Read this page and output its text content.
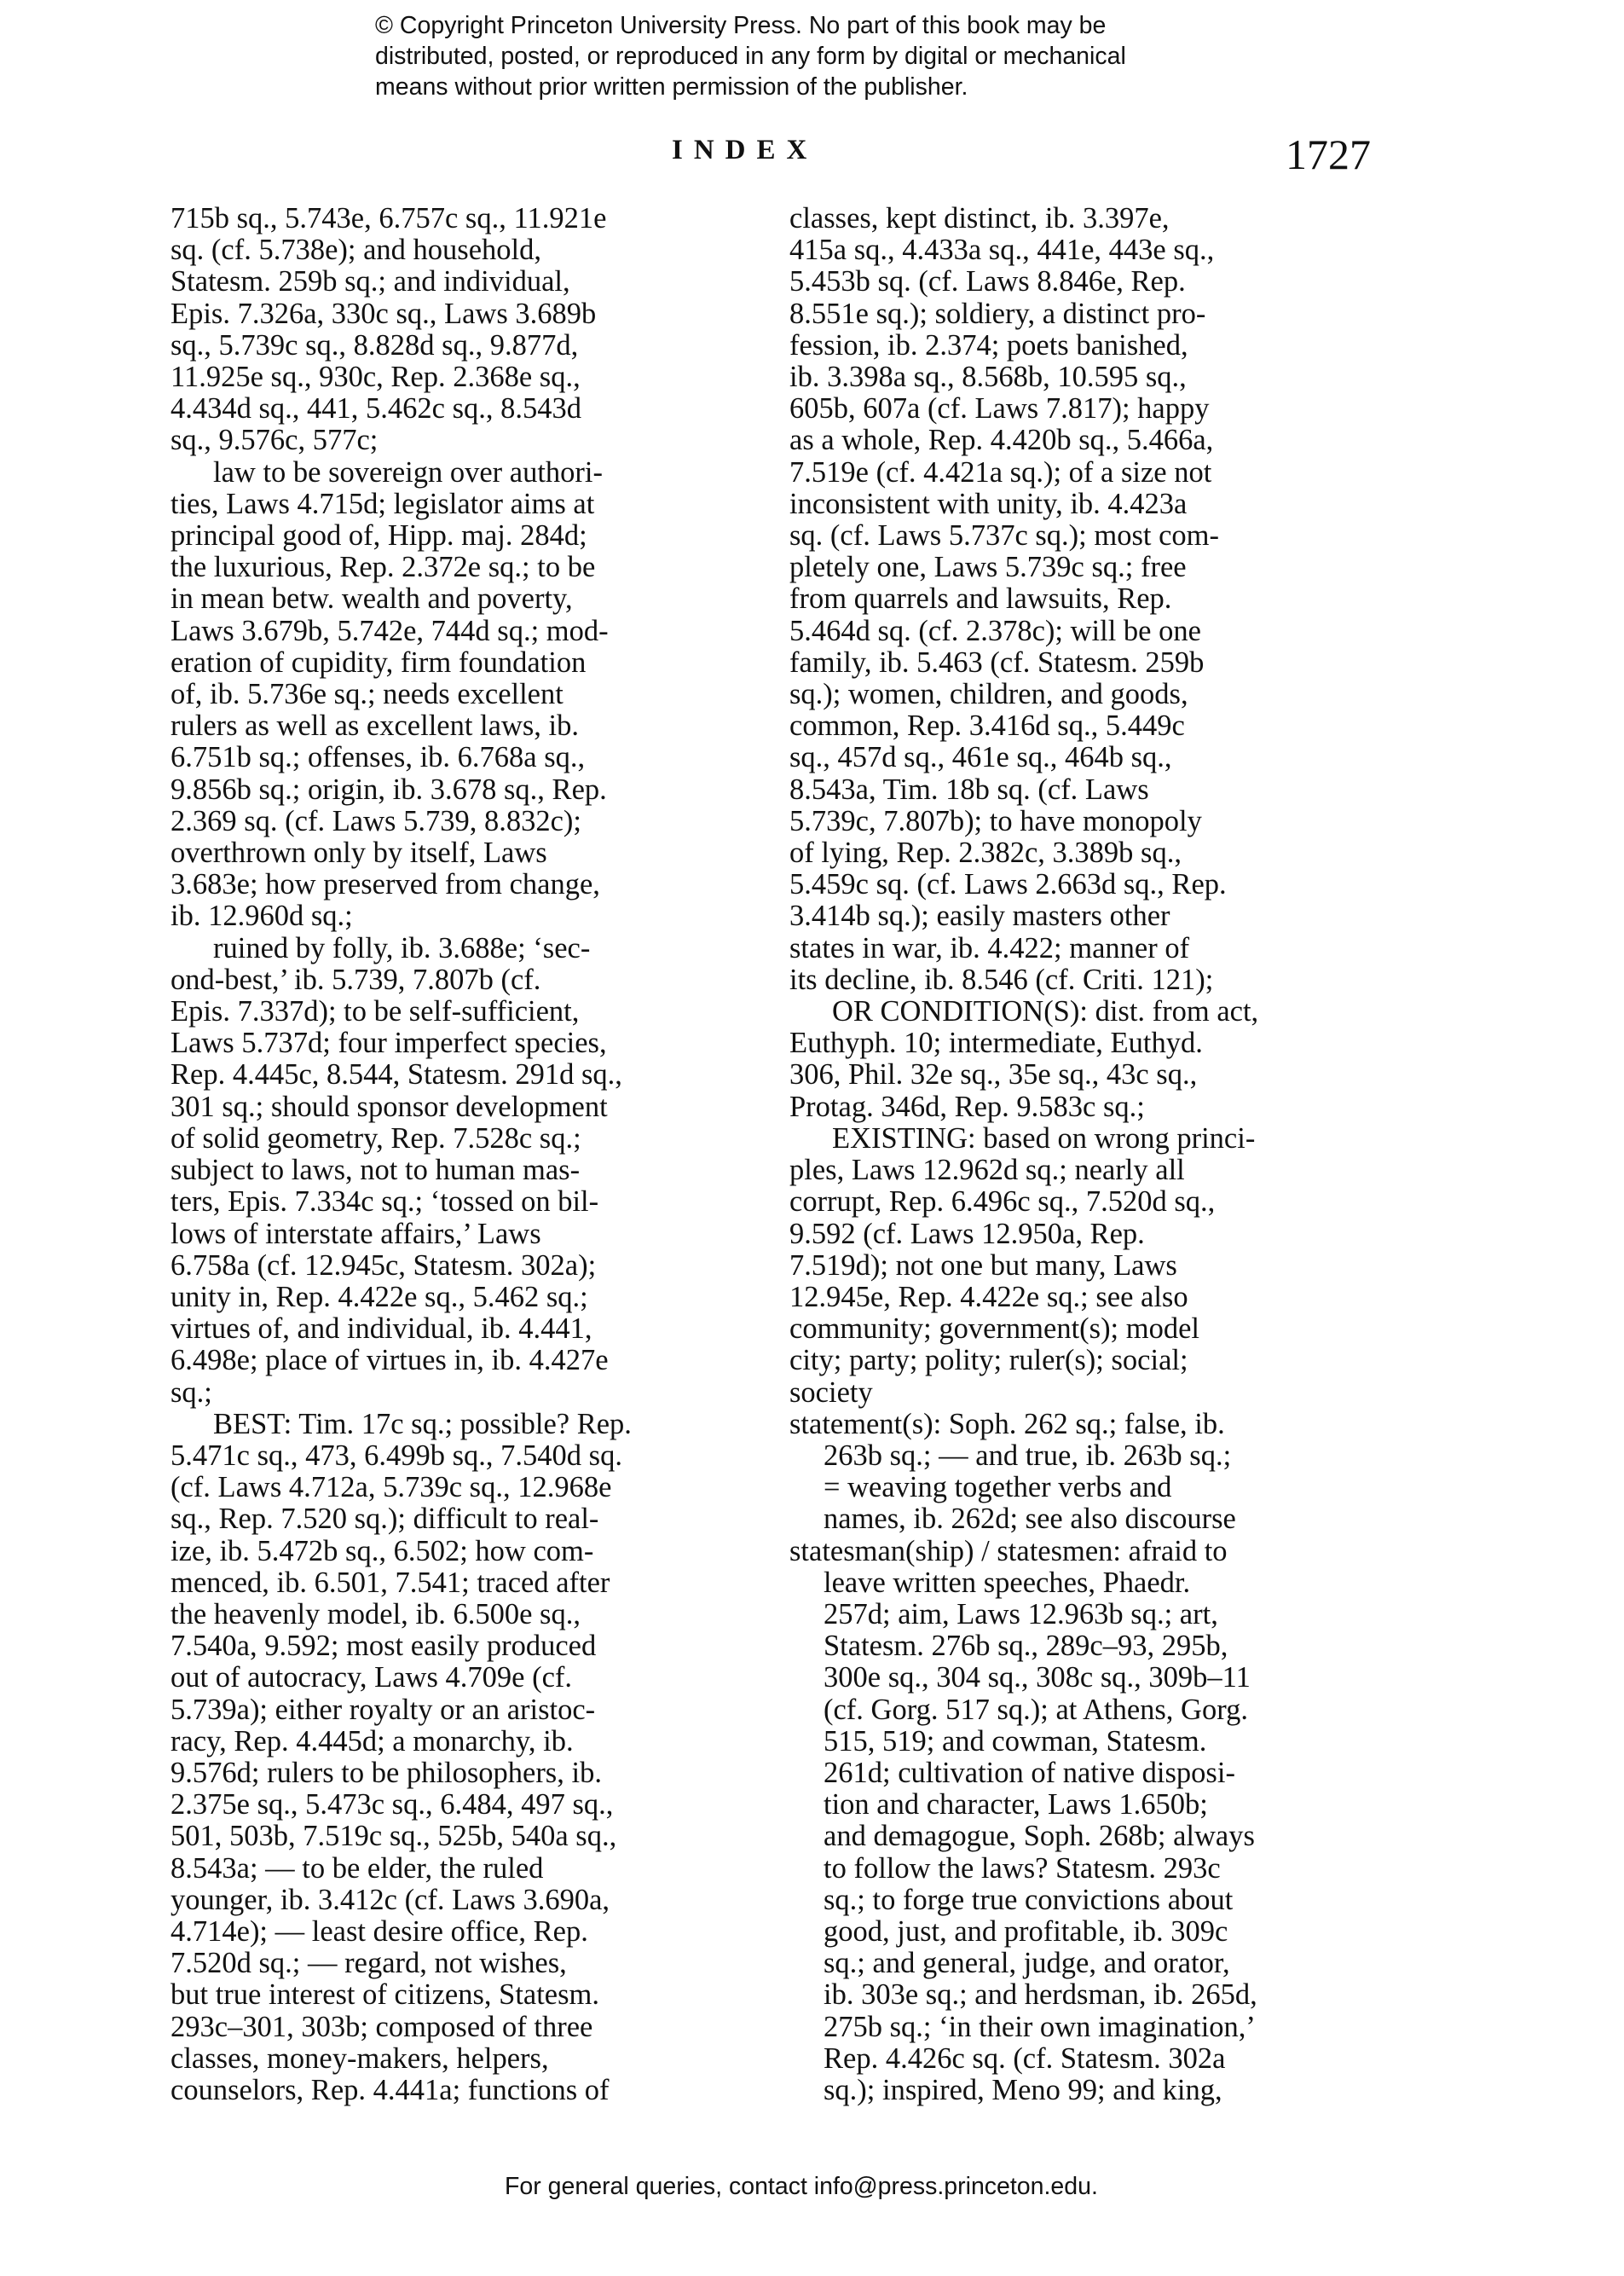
© Copyright Princeton University Press. No part of this book may be
distributed, posted, or reproduced in any form by digital or mechanical
means without prior written permission of the publisher.
INDEX	1727
715b sq., 5.743e, 6.757c sq., 11.921e
sq. (cf. 5.738e); and household,
Statesm. 259b sq.; and individual,
Epis. 7.326a, 330c sq., Laws 3.689b
sq., 5.739c sq., 8.828d sq., 9.877d,
11.925e sq., 930c, Rep. 2.368e sq.,
4.434d sq., 441, 5.462c sq., 8.543d
sq., 9.576c, 577c;
law to be sovereign over authori-
ties, Laws 4.715d; legislator aims at
principal good of, Hipp. maj. 284d;
the luxurious, Rep. 2.372e sq.; to be
in mean betw. wealth and poverty,
Laws 3.679b, 5.742e, 744d sq.; mod-
eration of cupidity, firm foundation
of, ib. 5.736e sq.; needs excellent
rulers as well as excellent laws, ib.
6.751b sq.; offenses, ib. 6.768a sq.,
9.856b sq.; origin, ib. 3.678 sq., Rep.
2.369 sq. (cf. Laws 5.739, 8.832c);
overthrown only by itself, Laws
3.683e; how preserved from change,
ib. 12.960d sq.;
ruined by folly, ib. 3.688e; ‘sec-
ond-best,’ ib. 5.739, 7.807b (cf.
Epis. 7.337d); to be self-sufficient,
Laws 5.737d; four imperfect species,
Rep. 4.445c, 8.544, Statesm. 291d sq.,
301 sq.; should sponsor development
of solid geometry, Rep. 7.528c sq.;
subject to laws, not to human mas-
ters, Epis. 7.334c sq.; ‘tossed on bil-
lows of interstate affairs,’ Laws
6.758a (cf. 12.945c, Statesm. 302a);
unity in, Rep. 4.422e sq., 5.462 sq.;
virtues of, and individual, ib. 4.441,
6.498e; place of virtues in, ib. 4.427e
sq.;
BEST: Tim. 17c sq.; possible? Rep.
5.471c sq., 473, 6.499b sq., 7.540d sq.
(cf. Laws 4.712a, 5.739c sq., 12.968e
sq., Rep. 7.520 sq.); difficult to real-
ize, ib. 5.472b sq., 6.502; how com-
menced, ib. 6.501, 7.541; traced after
the heavenly model, ib. 6.500e sq.,
7.540a, 9.592; most easily produced
out of autocracy, Laws 4.709e (cf.
5.739a); either royalty or an aristoc-
racy, Rep. 4.445d; a monarchy, ib.
9.576d; rulers to be philosophers, ib.
2.375e sq., 5.473c sq., 6.484, 497 sq.,
501, 503b, 7.519c sq., 525b, 540a sq.,
8.543a; — to be elder, the ruled
younger, ib. 3.412c (cf. Laws 3.690a,
4.714e); — least desire office, Rep.
7.520d sq.; — regard, not wishes,
but true interest of citizens, Statesm.
293c–301, 303b; composed of three
classes, money-makers, helpers,
counselors, Rep. 4.441a; functions of
classes, kept distinct, ib. 3.397e,
415a sq., 4.433a sq., 441e, 443e sq.,
5.453b sq. (cf. Laws 8.846e, Rep.
8.551e sq.); soldiery, a distinct pro-
fession, ib. 2.374; poets banished,
ib. 3.398a sq., 8.568b, 10.595 sq.,
605b, 607a (cf. Laws 7.817); happy
as a whole, Rep. 4.420b sq., 5.466a,
7.519e (cf. 4.421a sq.); of a size not
inconsistent with unity, ib. 4.423a
sq. (cf. Laws 5.737c sq.); most com-
pletely one, Laws 5.739c sq.; free
from quarrels and lawsuits, Rep.
5.464d sq. (cf. 2.378c); will be one
family, ib. 5.463 (cf. Statesm. 259b
sq.); women, children, and goods,
common, Rep. 3.416d sq., 5.449c
sq., 457d sq., 461e sq., 464b sq.,
8.543a, Tim. 18b sq. (cf. Laws
5.739c, 7.807b); to have monopoly
of lying, Rep. 2.382c, 3.389b sq.,
5.459c sq. (cf. Laws 2.663d sq., Rep.
3.414b sq.); easily masters other
states in war, ib. 4.422; manner of
its decline, ib. 8.546 (cf. Criti. 121);
OR CONDITION(S): dist. from act,
Euthyph. 10; intermediate, Euthyd.
306, Phil. 32e sq., 35e sq., 43c sq.,
Protag. 346d, Rep. 9.583c sq.;
EXISTING: based on wrong princi-
ples, Laws 12.962d sq.; nearly all
corrupt, Rep. 6.496c sq., 7.520d sq.,
9.592 (cf. Laws 12.950a, Rep.
7.519d); not one but many, Laws
12.945e, Rep. 4.422e sq.; see also
community; government(s); model
city; party; polity; ruler(s); social;
society
statement(s): Soph. 262 sq.; false, ib.
263b sq.; — and true, ib. 263b sq.;
= weaving together verbs and
names, ib. 262d; see also discourse
statesman(ship) / statesmen: afraid to
leave written speeches, Phaedr.
257d; aim, Laws 12.963b sq.; art,
Statesm. 276b sq., 289c–93, 295b,
300e sq., 304 sq., 308c sq., 309b–11
(cf. Gorg. 517 sq.); at Athens, Gorg.
515, 519; and cowman, Statesm.
261d; cultivation of native disposi-
tion and character, Laws 1.650b;
and demagogue, Soph. 268b; always
to follow the laws? Statesm. 293c
sq.; to forge true convictions about
good, just, and profitable, ib. 309c
sq.; and general, judge, and orator,
ib. 303e sq.; and herdsman, ib. 265d,
275b sq.; ‘in their own imagination,’
Rep. 4.426c sq. (cf. Statesm. 302a
sq.); inspired, Meno 99; and king,
For general queries, contact info@press.princeton.edu.
